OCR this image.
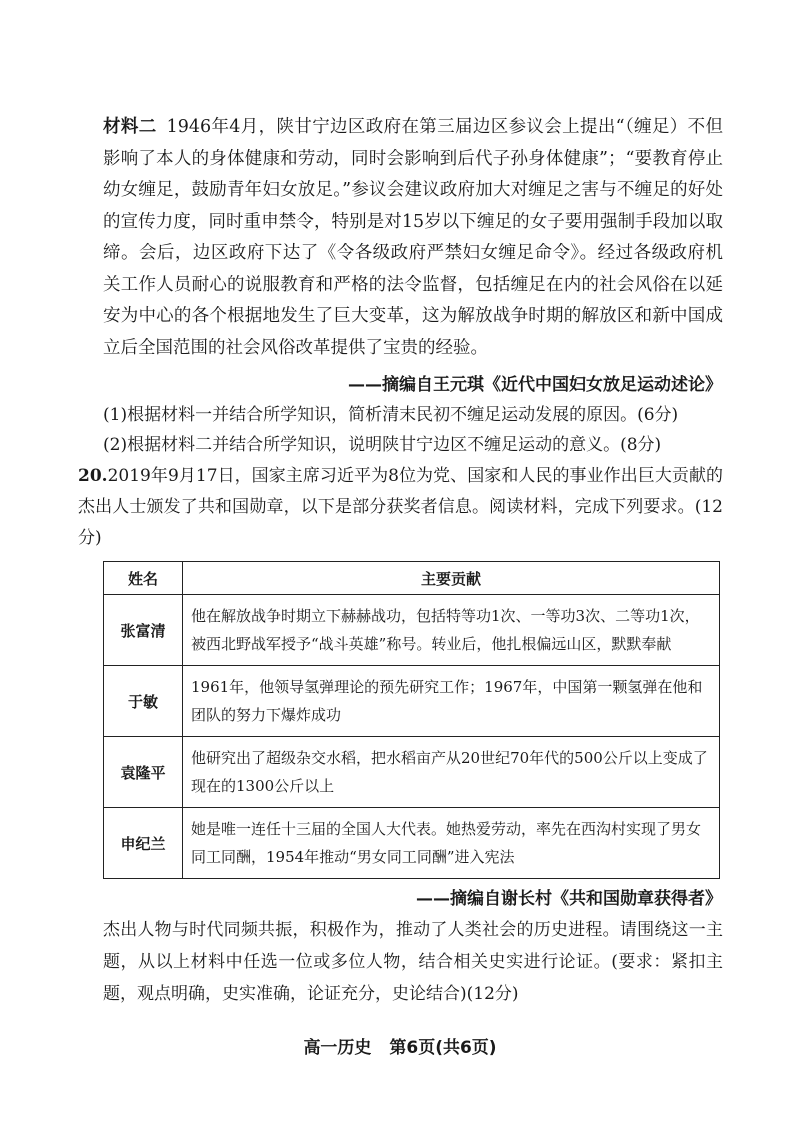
材料二 1946年4月，陕甘宁边区政府在第三届边区参议会上提出“（缠足）不但影响了本人的身体健康和劳动，同时会影响到后代子孙身体健康”；“要教育停止幼女缠足，鼓励青年妇女放足。”参议会建议政府加大对缠足之害与不缠足的好处的宣传力度，同时重申禁令，特别是对15岁以下缠足的女子要用强制手段加以取缔。会后，边区政府下达了《令各级政府严禁妇女缠足命令》。经过各级政府机关工作人员耐心的说服教育和严格的法令监督，包括缠足在内的社会风俗在以延安为中心的各个根据地发生了巨大变革，这为解放战争时期的解放区和新中国成立后全国范围的社会风俗改革提供了宝贵的经验。
——摘编自王元琪《近代中国妇女放足运动述论》
(1)根据材料一并结合所学知识，简析清末民初不缠足运动发展的原因。(6分)
(2)根据材料二并结合所学知识，说明陕甘宁边区不缠足运动的意义。(8分)
20.2019年9月17日，国家主席习近平为8位为党、国家和人民的事业作出巨大贡献的杰出人士颁发了共和国勋章，以下是部分获奖者信息。阅读材料，完成下列要求。(12分)
姓名	主要贡献
张富清	他在解放战争时期立下赫赫战功，包括特等功1次、一等功3次、二等功1次，被西北野战军授予“战斗英雄”称号。转业后，他扎根偏远山区，默默奉献
于敏	1961年，他领导氢弹理论的预先研究工作；1967年，中国第一颗氢弹在他和团队的努力下爆炸成功
袁隆平	他研究出了超级杂交水稻，把水稻亩产从20世纪70年代的500公斤以上变成了现在的1300公斤以上
申纪兰	她是唯一连任十三届的全国人大代表。她热爱劳动，率先在西沟村实现了男女同工同酬，1954年推动“男女同工同酬”进入宪法
——摘编自谢长村《共和国勋章获得者》
杰出人物与时代同频共振，积极作为，推动了人类社会的历史进程。请围绕这一主题，从以上材料中任选一位或多位人物，结合相关史实进行论证。(要求：紧扣主题，观点明确，史实准确，论证充分，史论结合)(12分)
高一历史 第6页(共6页)
